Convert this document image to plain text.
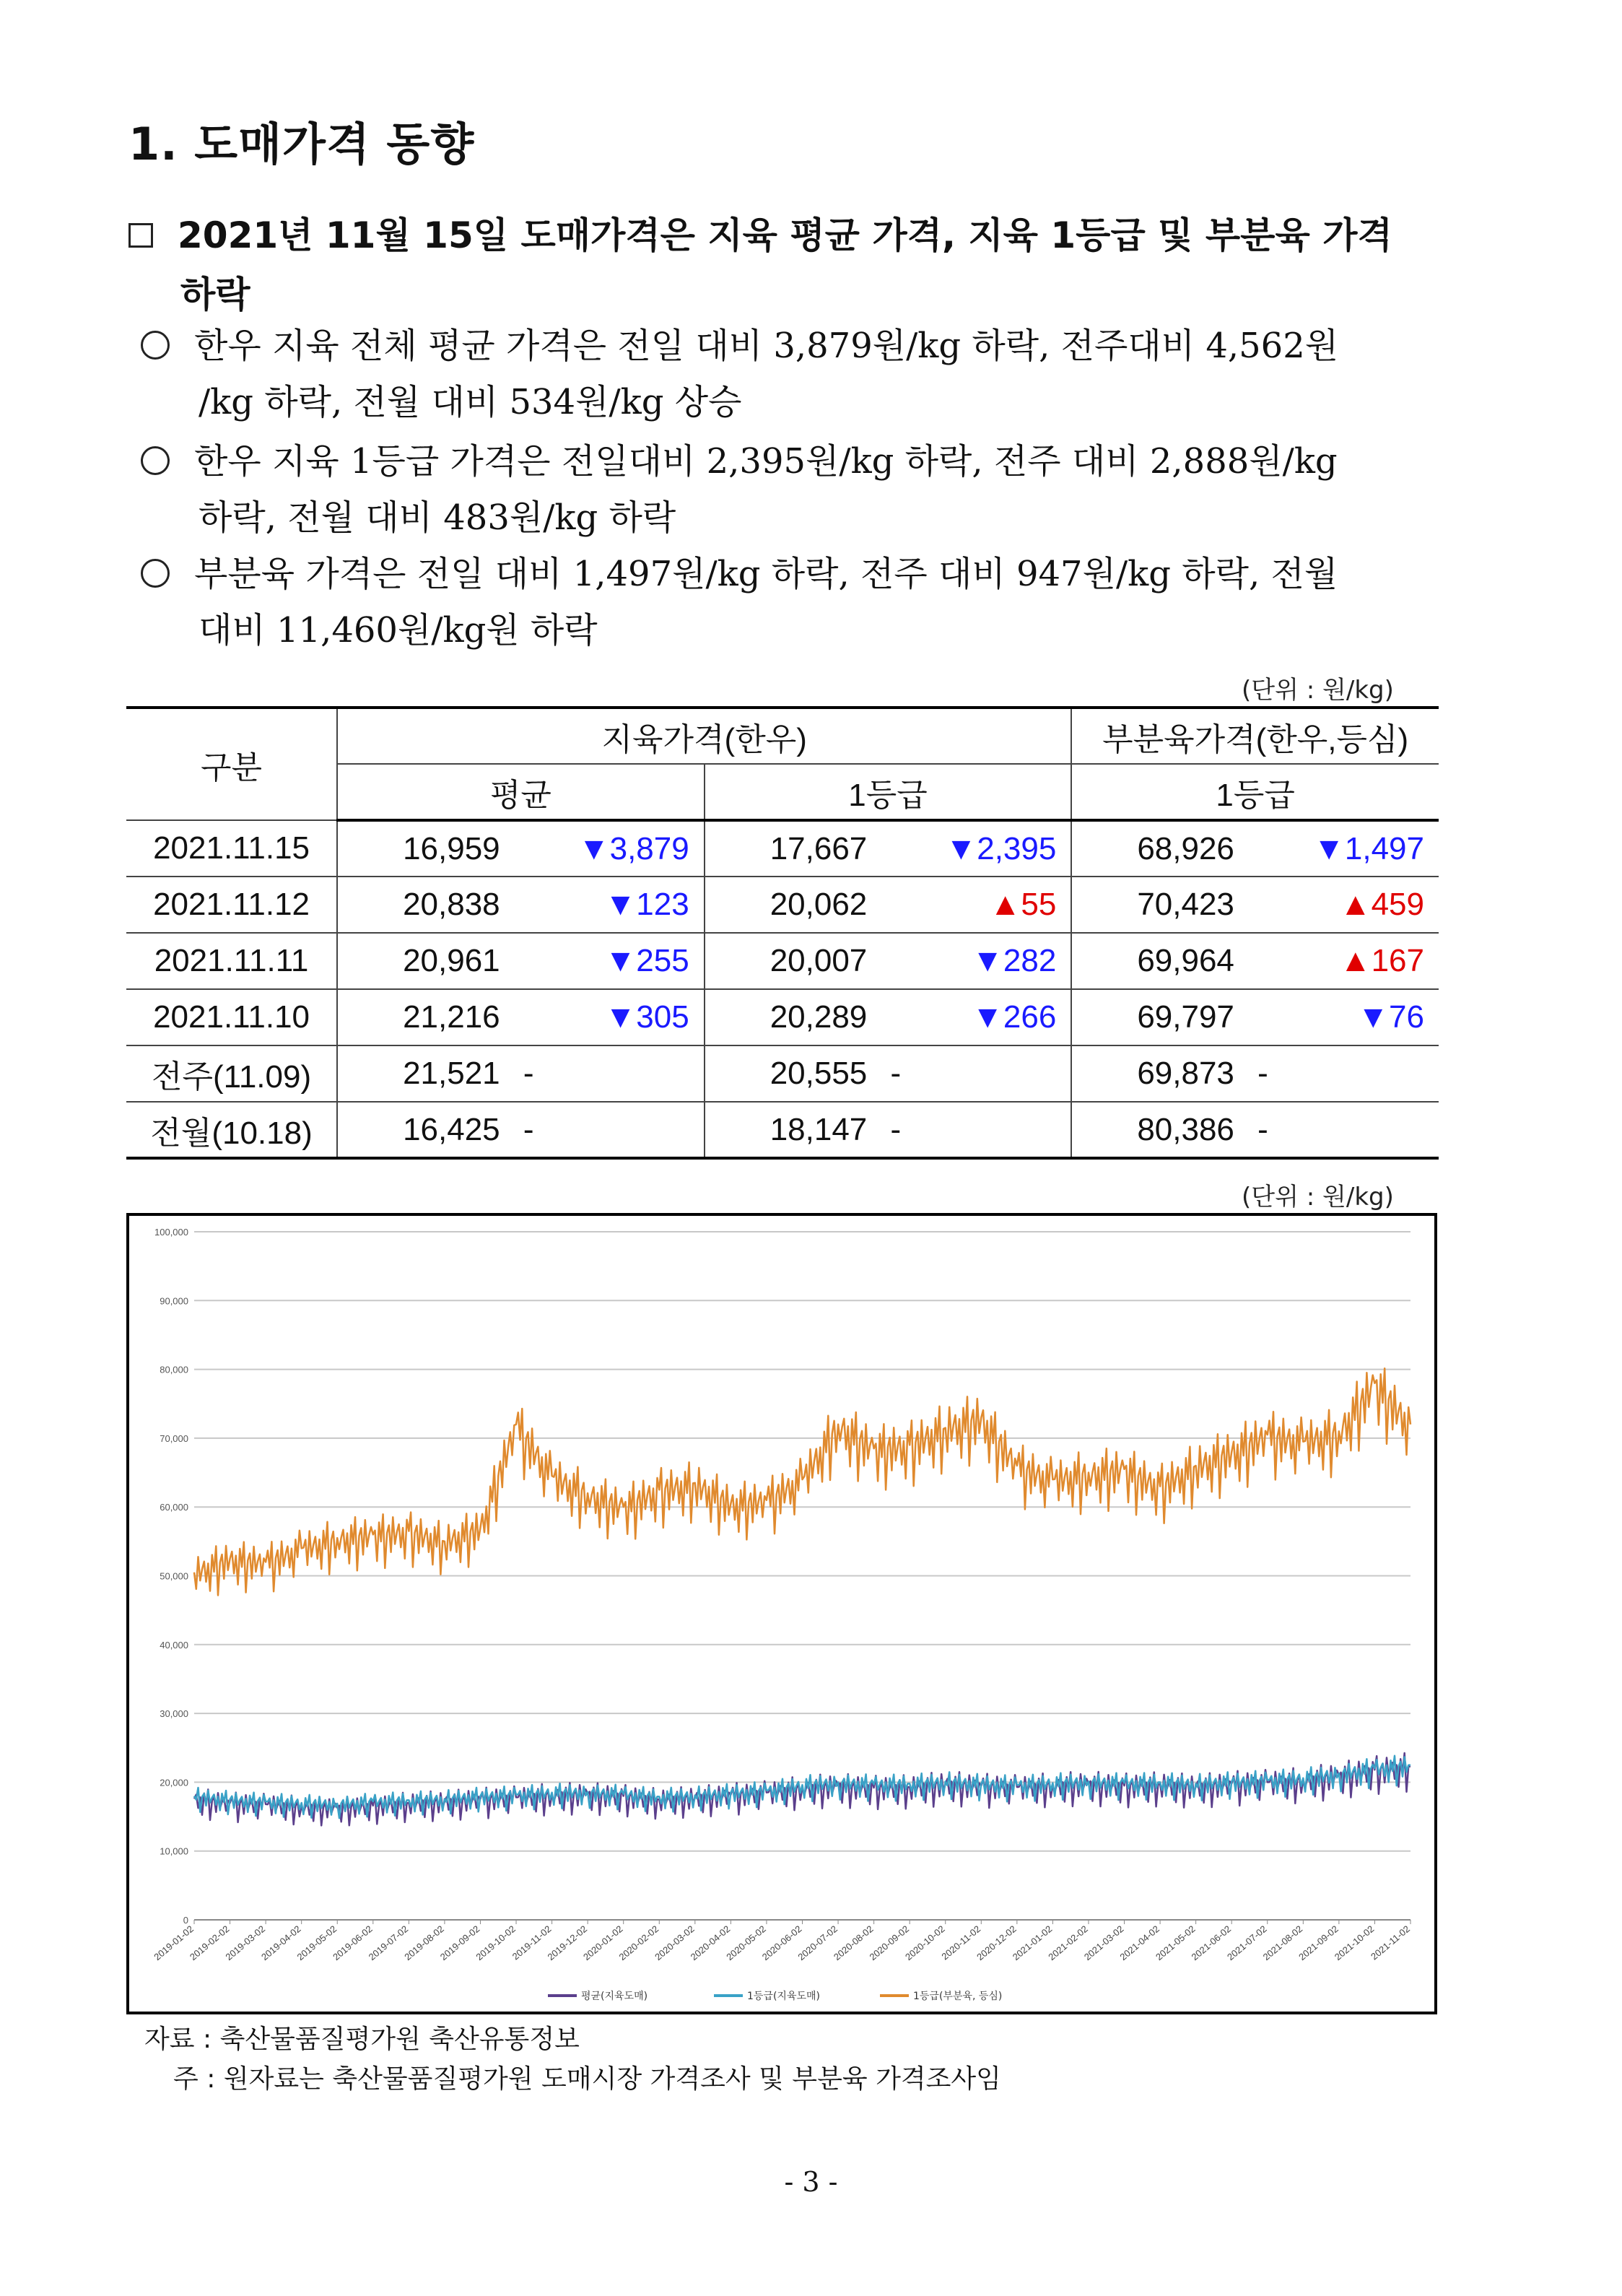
1. 도매가격 동향
2021년 11월 15일 도매가격은 지육 평균 가격, 지육 1등급 및 부분육 가격
하락
한우 지육 전체 평균 가격은 전일 대비 3,879원/kg 하락, 전주대비 4,562원
/kg 하락, 전월 대비 534원/kg 상승
한우 지육 1등급 가격은 전일대비 2,395원/kg 하락, 전주 대비 2,888원/kg
하락, 전월 대비 483원/kg 하락
부분육 가격은 전일 대비 1,497원/kg 하락, 전주 대비 947원/kg 하락, 전월
대비 11,460원/kg원 하락
(단위 : 원/kg)
구분	지육가격(한우)				부분육가격(한우,등심)	
	평균		1등급		1등급	
2021.11.15	16,959	▼3,879	17,667	▼2,395	68,926	▼1,497
2021.11.12	20,838	▼123	20,062	▲55	70,423	▲459
2021.11.11	20,961	▼255	20,007	▼282	69,964	▲167
2021.11.10	21,216	▼305	20,289	▼266	69,797	▼76
전주(11.09)	21,521	-	20,555	-	69,873	-
전월(10.18)	16,425	-	18,147	-	80,386	-
(단위 : 원/kg)
0
10,000
20,000
30,000
40,000
50,000
60,000
70,000
80,000
90,000
100,000
2019-01-02
2019-02-02
2019-03-02
2019-04-02
2019-05-02
2019-06-02
2019-07-02
2019-08-02
2019-09-02
2019-10-02
2019-11-02
2019-12-02
2020-01-02
2020-02-02
2020-03-02
2020-04-02
2020-05-02
2020-06-02
2020-07-02
2020-08-02
2020-09-02
2020-10-02
2020-11-02
2020-12-02
2021-01-02
2021-02-02
2021-03-02
2021-04-02
2021-05-02
2021-06-02
2021-07-02
2021-08-02
2021-09-02
2021-10-02
2021-11-02
평균(지육도매)	1등급(지육도매)	1등급(부분육, 등심)
자료 : 축산물품질평가원 축산유통정보
주 : 원자료는 축산물품질평가원 도매시장 가격조사 및 부분육 가격조사임
- 3 -
